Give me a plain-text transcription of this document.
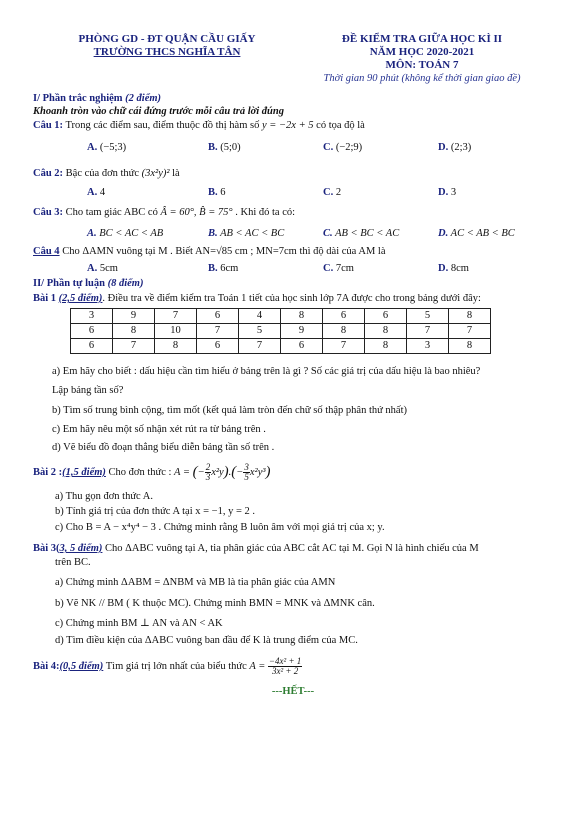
PHÒNG GD - ĐT QUẬN CẦU GIẤY
TRƯỜNG THCS NGHĨA TÂN
ĐỀ KIỂM TRA GIỮA HỌC KÌ II
NĂM HỌC 2020-2021
MÔN: TOÁN 7
Thời gian 90 phút (không kể thời gian giao đề)
I/ Phần trắc nghiệm (2 điểm)
Khoanh tròn vào chữ cái đứng trước mỗi câu trả lời đúng
Câu 1: Trong các điểm sau, điểm thuộc đồ thị hàm số y = −2x + 5 có tọa độ là
A. (−5;3)	B. (5;0)	C. (−2;9)	D. (2;3)
Câu 2: Bậc của đơn thức (3x²y)² là
A. 4	B. 6	C. 2	D. 3
Câu 3: Cho tam giác ABC có Â = 60°, B̂ = 75° . Khi đó ta có:
A. BC < AC < AB	B. AB < AC < BC	C. AB < BC < AC	D. AC < AB < BC
Câu 4 Cho ΔAMN vuông tại M . Biết AN=√85 cm ; MN=7cm thì độ dài của AM là
A. 5cm	B. 6cm	C. 7cm	D. 8cm
II/ Phần tự luận (8 điểm)
Bài 1 (2,5 điểm). Điều tra về điểm kiểm tra Toán 1 tiết của học sinh lớp 7A được cho trong bảng dưới đây:
3	9	7	6	4	8	6	6	5	8
6	8	10	7	5	9	8	8	7	7
6	7	8	6	7	6	7	8	3	8
a) Em hãy cho biết : dấu hiệu cần tìm hiểu ở bảng trên là gì ? Số các giá trị của dấu hiệu là bao nhiêu?
Lập bảng tần số?
b) Tìm số trung bình cộng, tìm mốt (kết quả làm tròn đến chữ số thập phân thứ nhất)
c) Em hãy nêu một số nhận xét rút ra từ bảng trên .
d) Vẽ biểu đồ đoạn thẳng biểu diễn bảng tần số trên .
Bài 2 :(1,5 điểm) Cho đơn thức : A = (− $\frac{2}{3} x^2y).(- \frac{3}{5} x^2y^3)$
a) Thu gọn đơn thức A.
b) Tính giá trị của đơn thức A tại x = −1, y = 2 .
c) Cho B = A − x⁴y⁴ − 3 . Chứng minh rằng B luôn âm với mọi giá trị của x; y.
Bài 3(3, 5 điểm) Cho ΔABC vuông tại A, tia phân giác của ABC cắt AC tại M. Gọi N là hình chiếu của M
trên BC.
a) Chứng minh ΔABM = ΔNBM và MB là tia phân giác của AMN
b) Vẽ NK // BM ( K thuộc MC). Chứng minh BMN = MNK và ΔMNK cân.
c) Chứng minh BM ⊥ AN và AN < AK
d) Tìm điều kiện của ΔABC vuông ban đầu để K là trung điểm của MC.
Bài 4:(0,5 điểm) Tìm giá trị lớn nhất của biểu thức $A = \frac{\text{−4x² + 1}}{\text{3x² + 2}}$
---HẾT---
